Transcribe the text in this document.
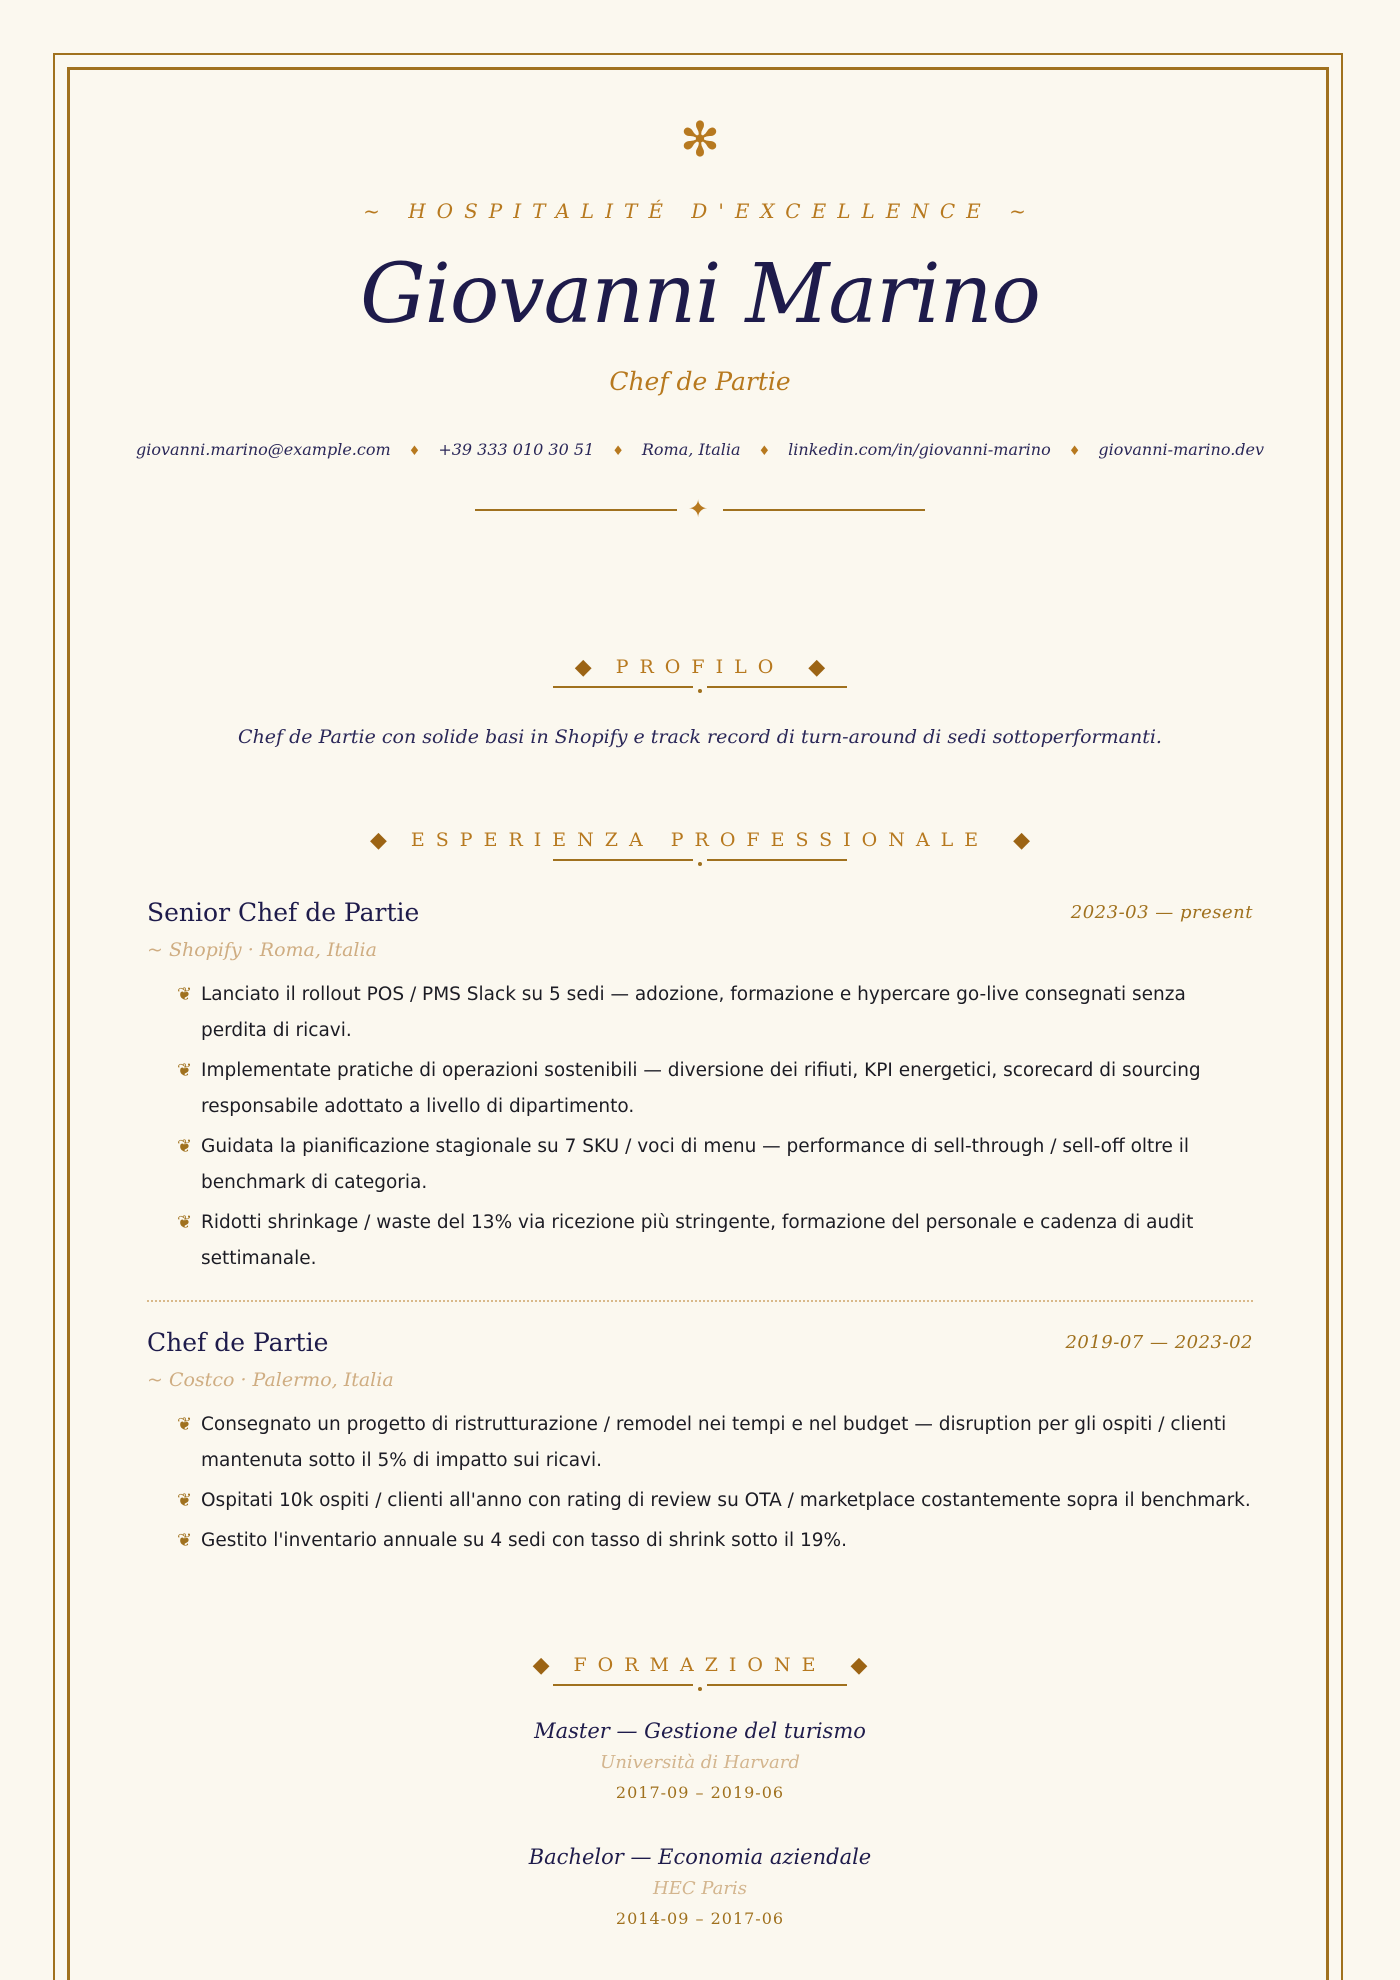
✻
~ HOSPITALITÉ D'EXCELLENCE ~
Giovanni Marino
Chef de Partie
giovanni.marino@example.com ♦ +39 333 010 30 51 ♦ Roma, Italia ♦ linkedin.com/in/giovanni-marino ♦ giovanni-marino.dev
✦
◆ PROFILO ◆
Chef de Partie con solide basi in Shopify e track record di turn-around di sedi sottoperformanti.
◆ ESPERIENZA PROFESSIONALE ◆
Senior Chef de Partie	2023-03 — present
~ Shopify · Roma, Italia
❦ Lanciato il rollout POS / PMS Slack su 5 sedi — adozione, formazione e hypercare go-live consegnati senza perdita di ricavi.
❦ Implementate pratiche di operazioni sostenibili — diversione dei rifiuti, KPI energetici, scorecard di sourcing responsabile adottato a livello di dipartimento.
❦ Guidata la pianificazione stagionale su 7 SKU / voci di menu — performance di sell-through / sell-off oltre il benchmark di categoria.
❦ Ridotti shrinkage / waste del 13% via ricezione più stringente, formazione del personale e cadenza di audit settimanale.
Chef de Partie	2019-07 — 2023-02
~ Costco · Palermo, Italia
❦ Consegnato un progetto di ristrutturazione / remodel nei tempi e nel budget — disruption per gli ospiti / clienti mantenuta sotto il 5% di impatto sui ricavi.
❦ Ospitati 10k ospiti / clienti all'anno con rating di review su OTA / marketplace costantemente sopra il benchmark.
❦ Gestito l'inventario annuale su 4 sedi con tasso di shrink sotto il 19%.
◆ FORMAZIONE ◆
Master — Gestione del turismo
Università di Harvard
2017-09 – 2019-06
Bachelor — Economia aziendale
HEC Paris
2014-09 – 2017-06
